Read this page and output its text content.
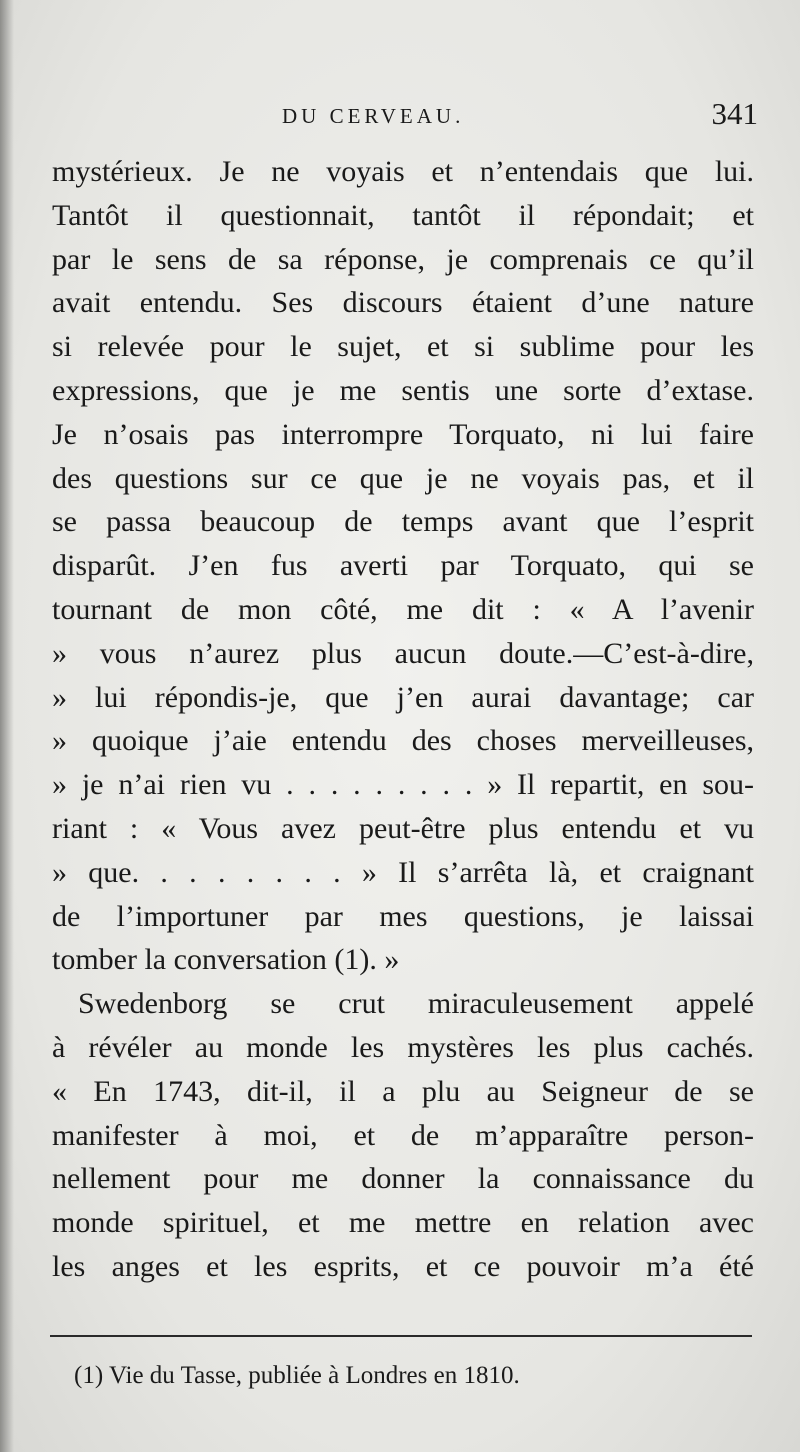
DU CERVEAU.	341
mystérieux. Je ne voyais et n’entendais que lui.
Tantôt il questionnait, tantôt il répondait; et
par le sens de sa réponse, je comprenais ce qu’il
avait entendu. Ses discours étaient d’une nature
si relevée pour le sujet, et si sublime pour les
expressions, que je me sentis une sorte d’extase.
Je n’osais pas interrompre Torquato, ni lui faire
des questions sur ce que je ne voyais pas, et il
se passa beaucoup de temps avant que l’esprit
disparût. J’en fus averti par Torquato, qui se
tournant de mon côté, me dit : « A l’avenir
» vous n’aurez plus aucun doute.—C’est-à-dire,
» lui répondis-je, que j’en aurai davantage; car
» quoique j’aie entendu des choses merveilleuses,
» je n’ai rien vu . . . . . . . . . » Il repartit, en sou-
riant : « Vous avez peut-être plus entendu et vu
» que. . . . . . . . » Il s’arrêta là, et craignant
de l’importuner par mes questions, je laissai
tomber la conversation (1). »
Swedenborg se crut miraculeusement appelé
à révéler au monde les mystères les plus cachés.
« En 1743, dit-il, il a plu au Seigneur de se
manifester à moi, et de m’apparaître person-
nellement pour me donner la connaissance du
monde spirituel, et me mettre en relation avec
les anges et les esprits, et ce pouvoir m’a été
(1) Vie du Tasse, publiée à Londres en 1810.
